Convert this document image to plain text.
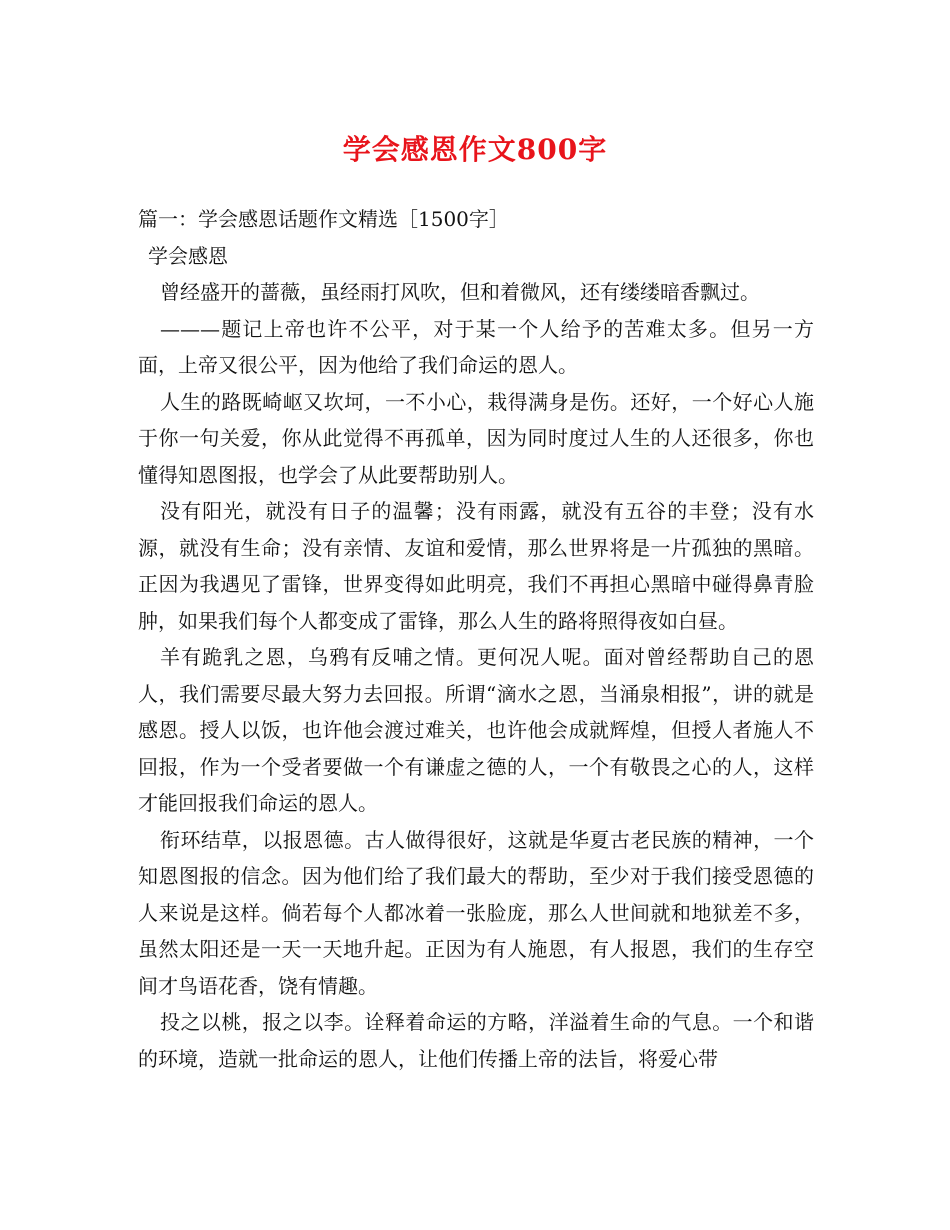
学会感恩作文800字

篇一：学会感恩话题作文精选［1500字］

学会感恩

曾经盛开的蔷薇，虽经雨打风吹，但和着微风，还有缕缕暗香飘过。

———题记上帝也许不公平，对于某一个人给予的苦难太多。但另一方面，上帝又很公平，因为他给了我们命运的恩人。

人生的路既崎岖又坎坷，一不小心，栽得满身是伤。还好，一个好心人施于你一句关爱，你从此觉得不再孤单，因为同时度过人生的人还很多，你也懂得知恩图报，也学会了从此要帮助别人。

没有阳光，就没有日子的温馨；没有雨露，就没有五谷的丰登；没有水源，就没有生命；没有亲情、友谊和爱情，那么世界将是一片孤独的黑暗。正因为我遇见了雷锋，世界变得如此明亮，我们不再担心黑暗中碰得鼻青脸肿，如果我们每个人都变成了雷锋，那么人生的路将照得夜如白昼。

羊有跪乳之恩，乌鸦有反哺之情。更何况人呢。面对曾经帮助自己的恩人，我们需要尽最大努力去回报。所谓“滴水之恩，当涌泉相报”，讲的就是感恩。授人以饭，也许他会渡过难关，也许他会成就辉煌，但授人者施人不回报，作为一个受者要做一个有谦虚之德的人，一个有敬畏之心的人，这样才能回报我们命运的恩人。

衔环结草，以报恩德。古人做得很好，这就是华夏古老民族的精神，一个知恩图报的信念。因为他们给了我们最大的帮助，至少对于我们接受恩德的人来说是这样。倘若每个人都冰着一张脸庞，那么人世间就和地狱差不多，虽然太阳还是一天一天地升起。正因为有人施恩，有人报恩，我们的生存空间才鸟语花香，饶有情趣。

投之以桃，报之以李。诠释着命运的方略，洋溢着生命的气息。一个和谐的环境，造就一批命运的恩人，让他们传播上帝的法旨，将爱心带
